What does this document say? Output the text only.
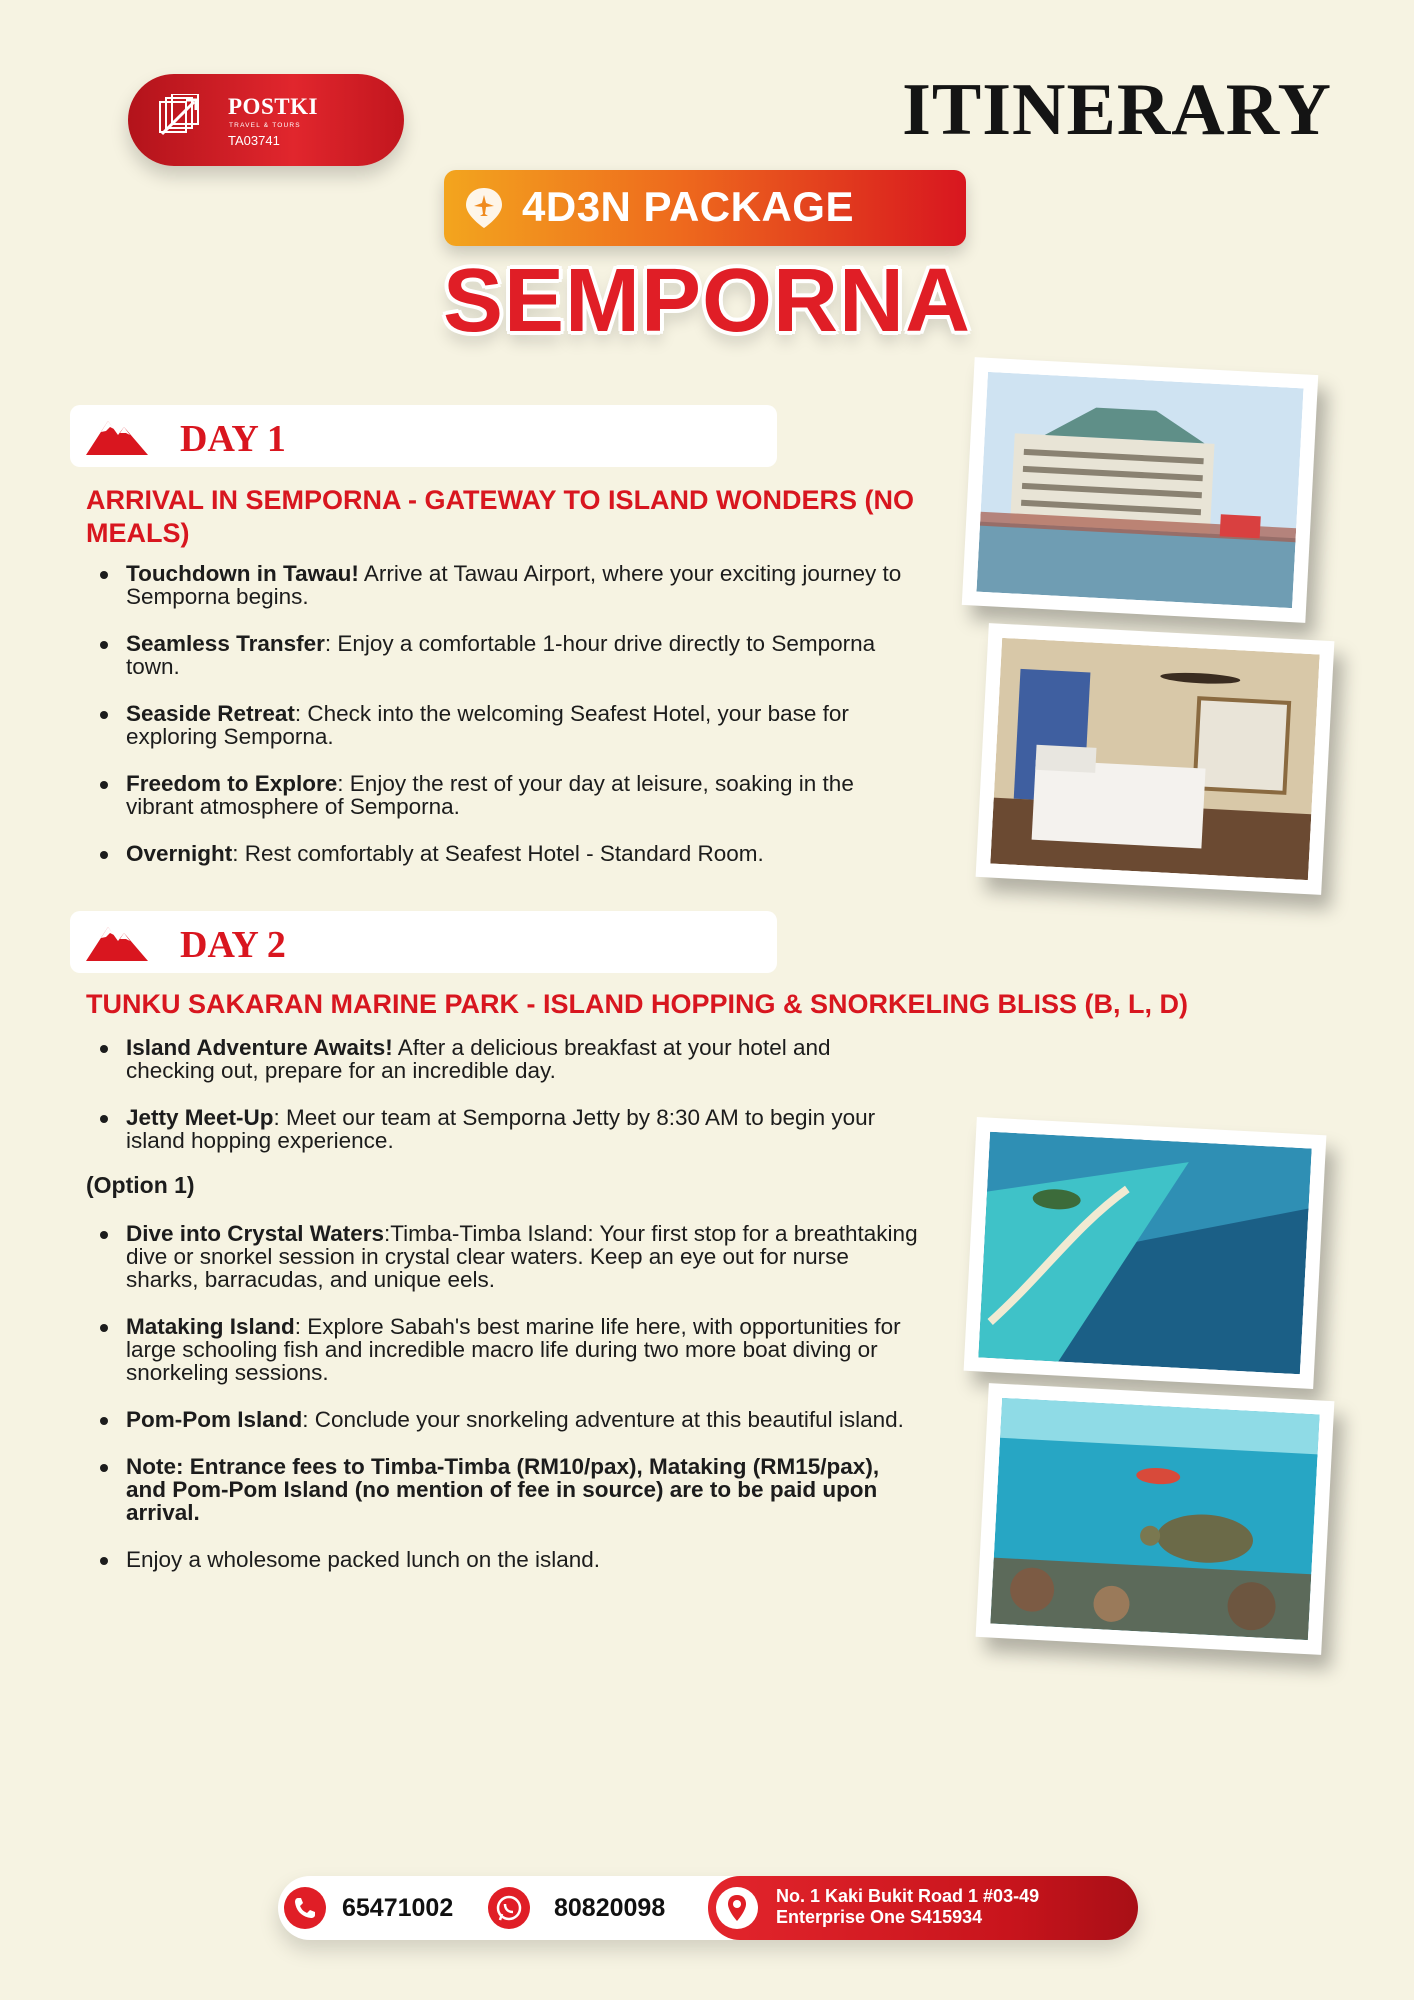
POSTKI
TRAVEL & TOURS
TA03741	ITINERARY
4D3N PACKAGE
SEMPORNA
DAY 1
ARRIVAL IN SEMPORNA - GATEWAY TO ISLAND WONDERS (NO MEALS)
Touchdown in Tawau! Arrive at Tawau Airport, where your exciting journey to Semporna begins.
Seamless Transfer: Enjoy a comfortable 1-hour drive directly to Semporna town.
Seaside Retreat: Check into the welcoming Seafest Hotel, your base for exploring Semporna.
Freedom to Explore: Enjoy the rest of your day at leisure, soaking in the vibrant atmosphere of Semporna.
Overnight: Rest comfortably at Seafest Hotel - Standard Room.
DAY 2
TUNKU SAKARAN MARINE PARK - ISLAND HOPPING & SNORKELING BLISS (B, L, D)
Island Adventure Awaits! After a delicious breakfast at your hotel and checking out, prepare for an incredible day.
Jetty Meet-Up: Meet our team at Semporna Jetty by 8:30 AM to begin your island hopping experience.
(Option 1)
Dive into Crystal Waters:Timba-Timba Island: Your first stop for a breathtaking dive or snorkel session in crystal clear waters. Keep an eye out for nurse sharks, barracudas, and unique eels.
Mataking Island: Explore Sabah's best marine life here, with opportunities for large schooling fish and incredible macro life during two more boat diving or snorkeling sessions.
Pom-Pom Island: Conclude your snorkeling adventure at this beautiful island.
Note: Entrance fees to Timba-Timba (RM10/pax), Mataking (RM15/pax), and Pom-Pom Island (no mention of fee in source) are to be paid upon arrival.
Enjoy a wholesome packed lunch on the island.
65471002	80820098	No. 1 Kaki Bukit Road 1 #03-49
Enterprise One S415934
